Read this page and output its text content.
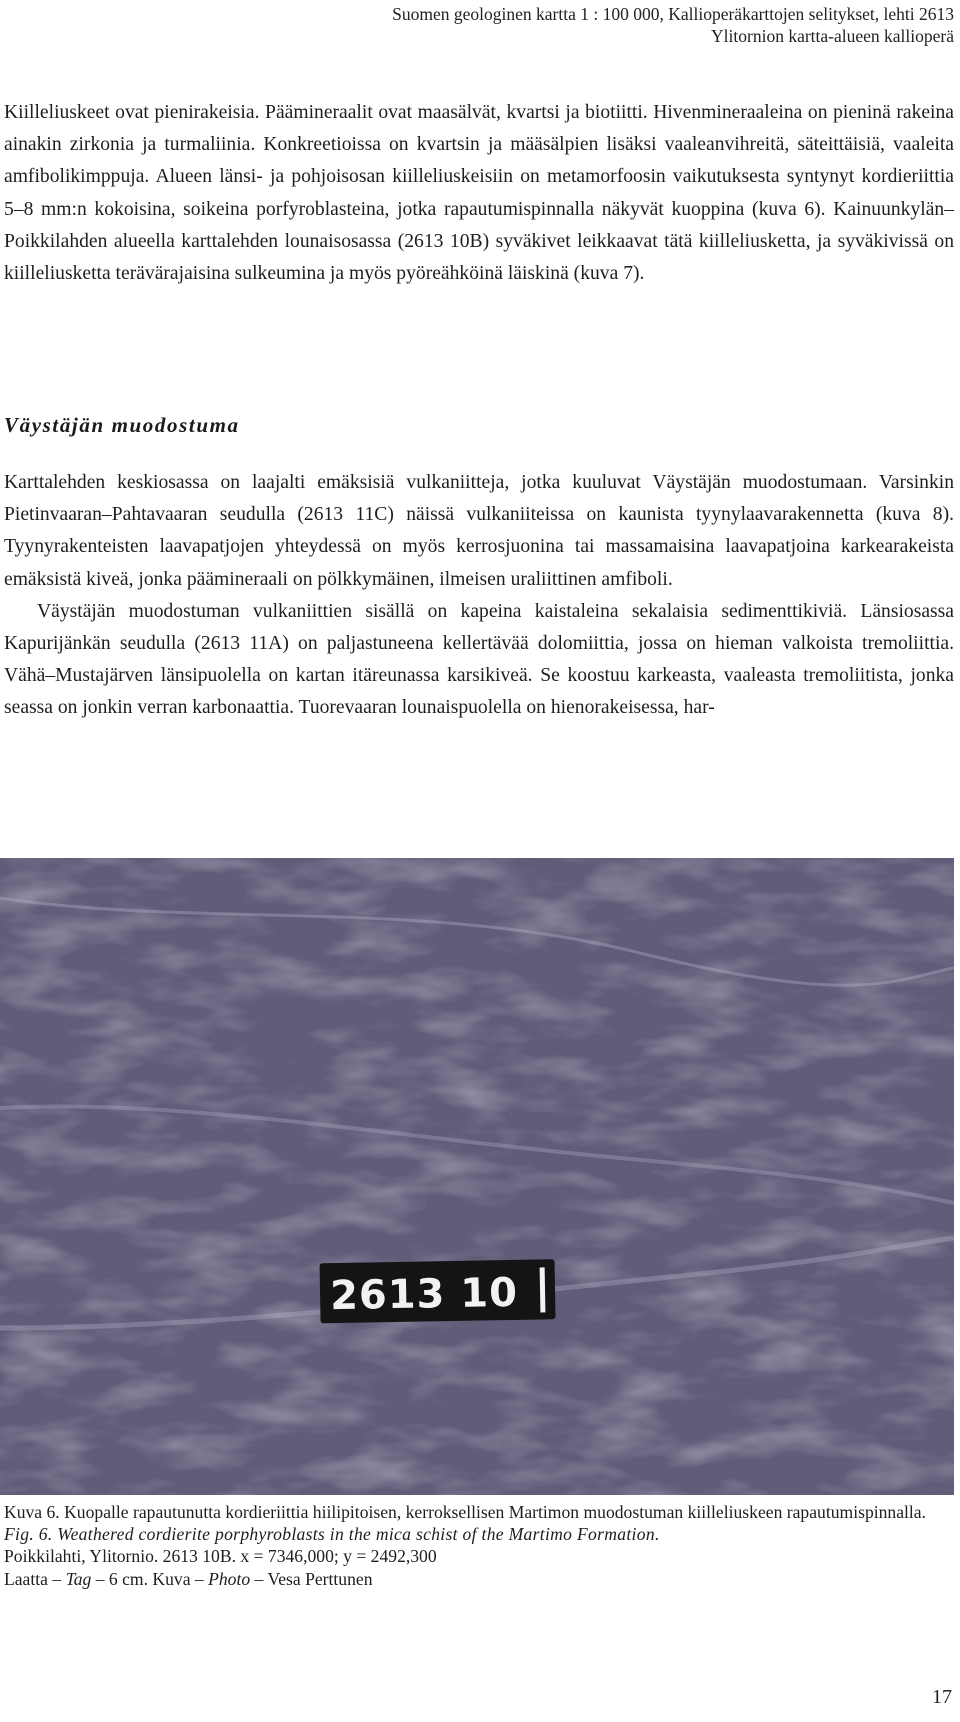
Suomen geologinen kartta 1 : 100 000, Kallioperäkarttojen selitykset, lehti 2613
Ylitornion kartta-alueen kallioperä

Kiilleliuskeet ovat pienirakeisia. Päämineraalit ovat maasälvät, kvartsi ja biotiitti. Hivenmineraaleina on pieninä rakeina ainakin zirkonia ja turmaliinia. Konkreetioissa on kvartsin ja määsälpien lisäksi vaaleanvihreitä, säteittäisiä, vaaleita amfibolikimppuja. Alueen länsi- ja pohjoisosan kiilleliuskeisiin on metamorfoosin vaikutuksesta syntynyt kordieriittia 5–8 mm:n kokoisina, soikeina porfyroblasteina, jotka rapautumispinnalla näkyvät kuoppina (kuva 6). Kainuunkylän–Poikkilahden alueella karttalehden lounaisosassa (2613 10B) syväkivet leikkaavat tätä kiilleliusketta, ja syväkivissä on kiilleliusketta terävärajaisina sulkeumina ja myös pyöreähköinä läiskinä (kuva 7).

Väystäjän muodostuma

Karttalehden keskiosassa on laajalti emäksisiä vulkaniitteja, jotka kuuluvat Väystäjän muodostumaan. Varsinkin Pietinvaaran–Pahtavaaran seudulla (2613 11C) näissä vulkaniiteissa on kaunista tyynylaavarakennetta (kuva 8). Tyynyrakenteisten laavapatjojen yhteydessä on myös kerrosjuonina tai massamaisina laavapatjoina karkearakeista emäksistä kiveä, jonka päämineraali on pölkkymäinen, ilmeisen uraliittinen amfiboli.

Väystäjän muodostuman vulkaniittien sisällä on kapeina kaistaleina sekalaisia sedimenttikiviä. Länsiosassa Kapurijänkän seudulla (2613 11A) on paljastuneena kellertävää dolomiittia, jossa on hieman valkoista tremoliittia. Vähä–Mustajärven länsipuolella on kartan itäreunassa karsikiveä. Se koostuu karkeasta, vaaleasta tremoliitista, jonka seassa on jonkin verran karbonaattia. Tuorevaaran lounaispuolella on hienorakeisessa, har-

2613 10
Kuva 6. Kuopalle rapautunutta kordieriittia hiilipitoisen, kerroksellisen Martimon muodostuman kiilleliuskeen rapautumispinnalla.
Fig. 6. Weathered cordierite porphyroblasts in the mica schist of the Martimo Formation.
Poikkilahti, Ylitornio. 2613 10B. x = 7346,000; y = 2492,300
Laatta – Tag – 6 cm. Kuva – Photo – Vesa Perttunen
17
